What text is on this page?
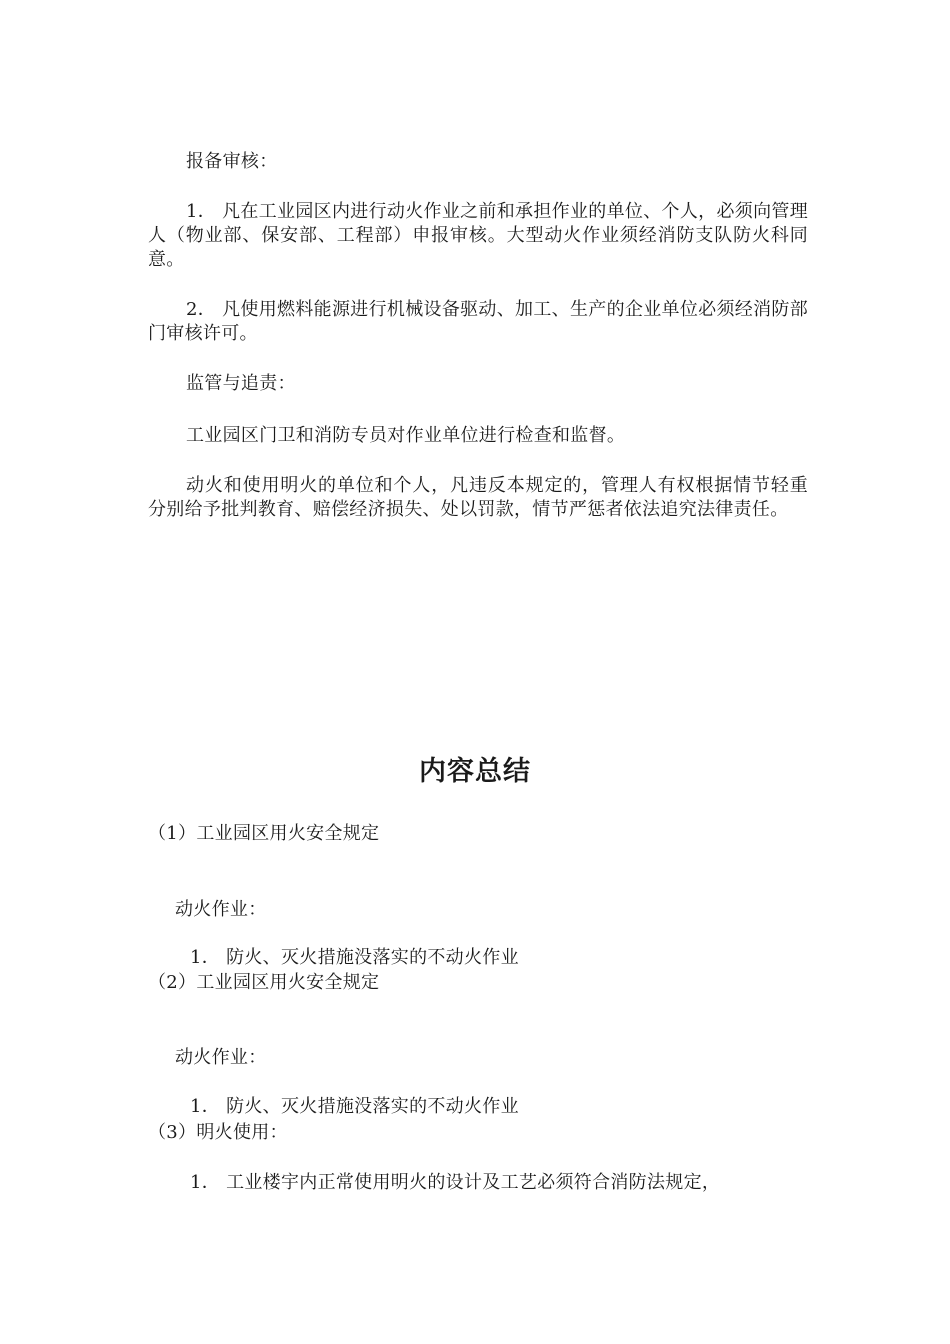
报备审核：

1． 凡在工业园区内进行动火作业之前和承担作业的单位、个人，必须向管理人（物业部、保安部、工程部）申报审核。大型动火作业须经消防支队防火科同意。

2． 凡使用燃料能源进行机械设备驱动、加工、生产的企业单位必须经消防部门审核许可。

监管与追责：

工业园区门卫和消防专员对作业单位进行检查和监督。

动火和使用明火的单位和个人，凡违反本规定的，管理人有权根据情节轻重分别给予批判教育、赔偿经济损失、处以罚款，情节严惩者依法追究法律责任。

内容总结

（1）工业园区用火安全规定

动火作业：

1． 防火、灭火措施没落实的不动火作业

（2）工业园区用火安全规定

动火作业：

1． 防火、灭火措施没落实的不动火作业

（3）明火使用：

1． 工业楼宇内正常使用明火的设计及工艺必须符合消防法规定，
